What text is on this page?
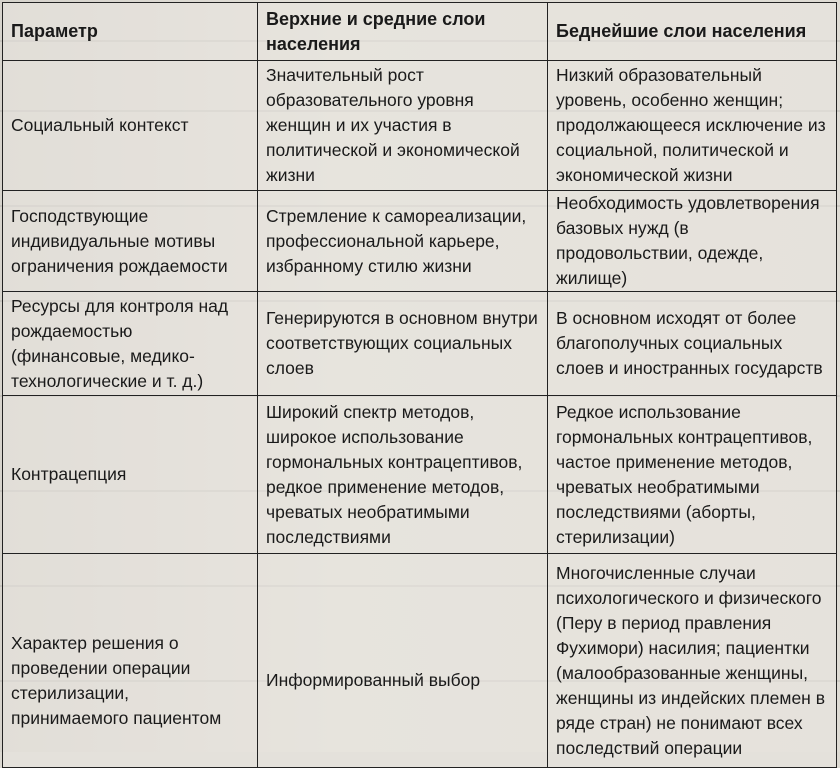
Параметр	Верхние и средние слои населения	Беднейшие слои населения
Социальный контекст	Значительный рост образовательного уровня женщин и их участия в политической и экономической жизни	Низкий образовательный уровень, особенно женщин; продолжающееся исключение из социальной, политической и экономической жизни
Господствующие индивидуальные мотивы ограничения рождаемости	Стремление к самореализации, профессиональной карьере, избранному стилю жизни	Необходимость удовлетворения базовых нужд (в продовольствии, одежде, жилище)
Ресурсы для контроля над рождаемостью (финансовые, медико-технологические и т. д.)	Генерируются в основном внутри соответствующих социальных слоев	В основном исходят от более благополучных социальных слоев и иностранных государств
Контрацепция	Широкий спектр методов, широкое использование гормональных контрацептивов, редкое применение методов, чреватых необратимыми последствиями	Редкое использование гормональных контрацептивов, частое применение методов, чреватых необратимыми последствиями (аборты, стерилизации)
Характер решения о проведении операции стерилизации, принимаемого пациентом	Информированный выбор	Многочисленные случаи психологического и физического (Перу в период правления Фухимори) насилия; пациентки (малообразованные женщины, женщины из индейских племен в ряде стран) не понимают всех последствий операции
